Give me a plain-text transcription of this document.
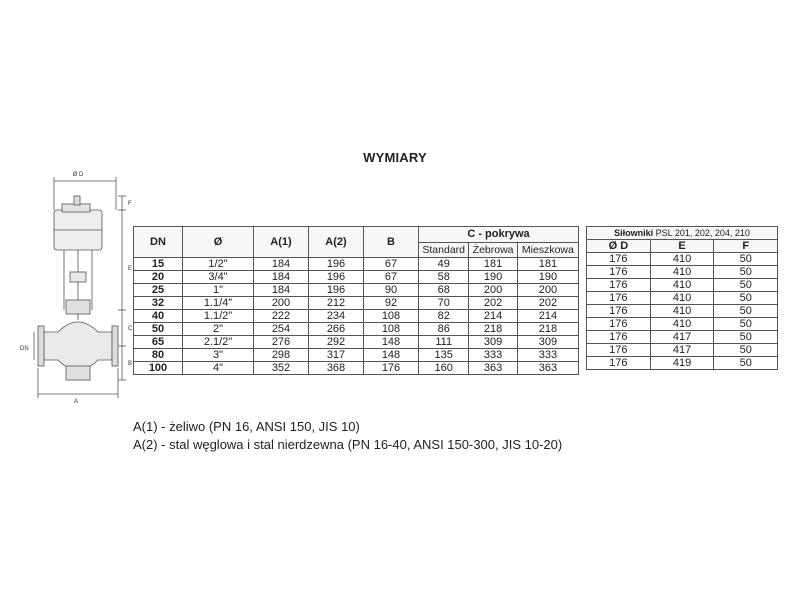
WYMIARY
Ø D
F
E
C
B
DN
A
DN	Ø	A(1)	A(2)	B	C - pokrywa		
					Standard	Żebrowa	Mieszkowa
15	1/2"	184	196	67	49	181	181
20	3/4"	184	196	67	58	190	190
25	1"	184	196	90	68	200	200
32	1.1/4"	200	212	92	70	202	202
40	1.1/2"	222	234	108	82	214	214
50	2"	254	266	108	86	218	218
65	2.1/2"	276	292	148	111	309	309
80	3"	298	317	148	135	333	333
100	4"	352	368	176	160	363	363
Siłowniki PSL 201, 202, 204, 210		
Ø D	E	F
176	410	50
176	410	50
176	410	50
176	410	50
176	410	50
176	410	50
176	417	50
176	417	50
176	419	50
A(1) - żeliwo (PN 16, ANSI 150, JIS 10)
A(2) - stal węglowa i stal nierdzewna (PN 16-40, ANSI 150-300, JIS 10-20)
